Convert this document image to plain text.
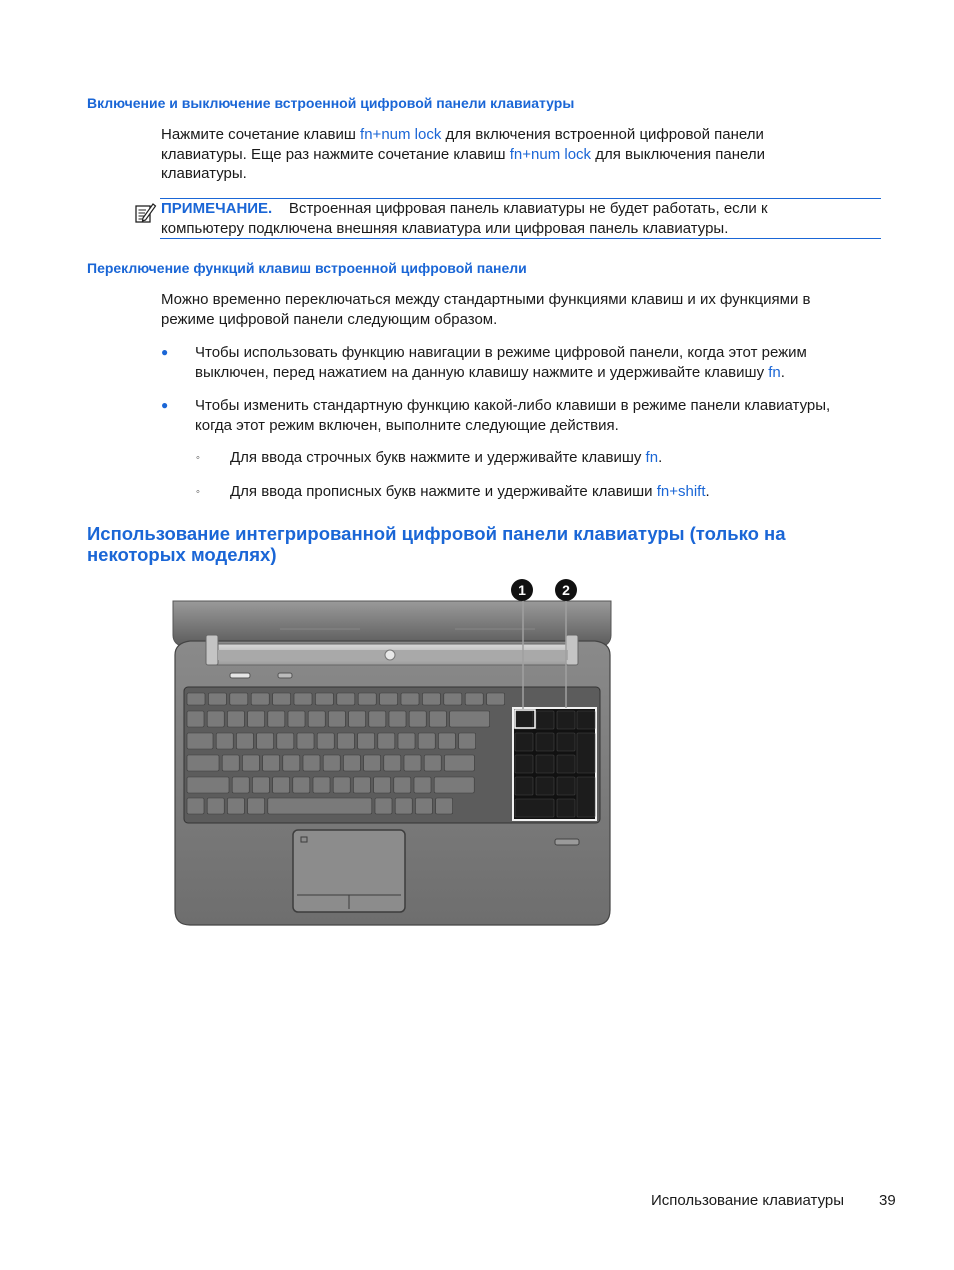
Включение и выключение встроенной цифровой панели клавиатуры
Нажмите сочетание клавиш fn+num lock для включения встроенной цифровой панели
клавиатуры. Еще раз нажмите сочетание клавиш fn+num lock для выключения панели
клавиатуры.
ПРИМЕЧАНИЕ. Встроенная цифровая панель клавиатуры не будет работать, если к
компьютеру подключена внешняя клавиатура или цифровая панель клавиатуры.
Переключение функций клавиш встроенной цифровой панели
Можно временно переключаться между стандартными функциями клавиш и их функциями в
режиме цифровой панели следующим образом.
● Чтобы использовать функцию навигации в режиме цифровой панели, когда этот режим
выключен, перед нажатием на данную клавишу нажмите и удерживайте клавишу fn.
● Чтобы изменить стандартную функцию какой-либо клавиши в режиме панели клавиатуры,
когда этот режим включен, выполните следующие действия.
◦ Для ввода строчных букв нажмите и удерживайте клавишу fn.
◦ Для ввода прописных букв нажмите и удерживайте клавиши fn+shift.
Использование интегрированной цифровой панели клавиатуры (только на
некоторых моделях)
1	2
Использование клавиатуры 39
